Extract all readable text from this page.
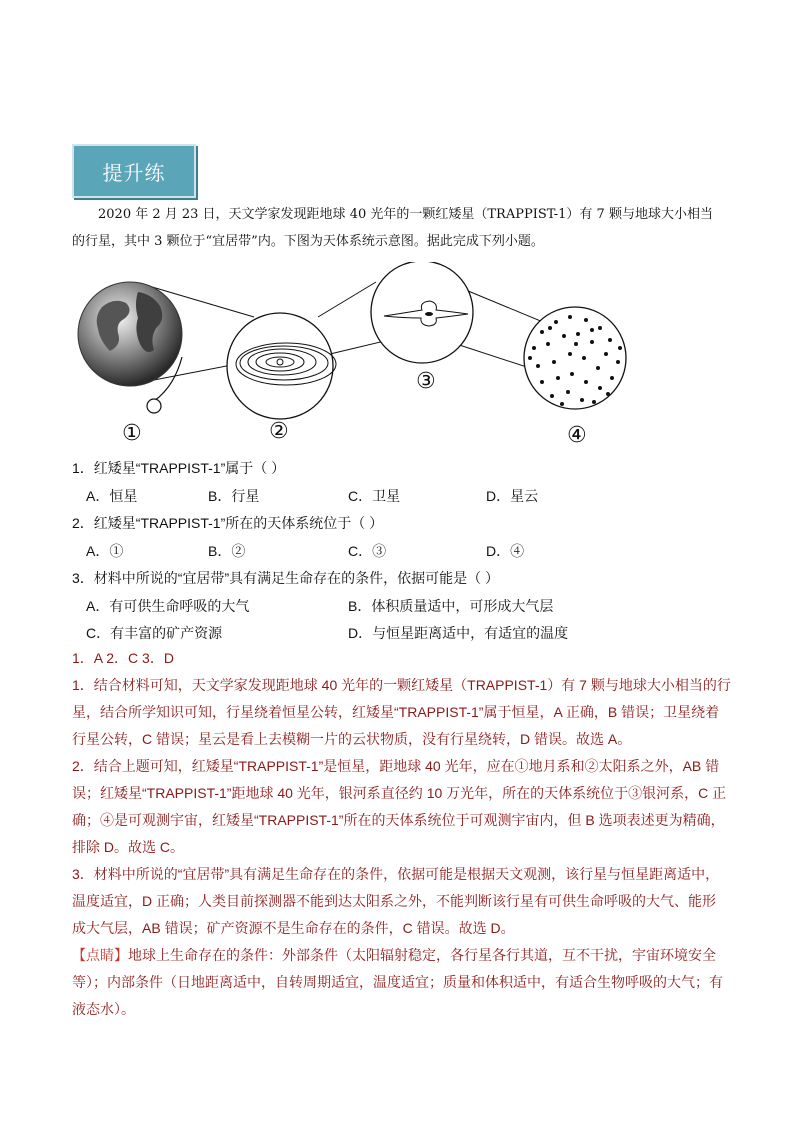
提升练
2020 年 2 月 23 日，天文学家发现距地球 40 光年的一颗红矮星（TRAPPIST-1）有 7 颗与地球大小相当
的行星，其中 3 颗位于“宜居带”内。下图为天体系统示意图。据此完成下列小题。
①	②
③
④
1．红矮星“TRAPPIST-1”属于（ ）
A．恒星	B．行星	C．卫星	D．星云
2．红矮星“TRAPPIST-1”所在的天体系统位于（ ）
A．①	B．②	C．③	D．④
3．材料中所说的“宜居带”具有满足生命存在的条件，依据可能是（ ）
A．有可供生命呼吸的大气	B．体积质量适中，可形成大气层
C．有丰富的矿产资源	D．与恒星距离适中，有适宜的温度
1．A 2．C 3．D
1．结合材料可知，天文学家发现距地球 40 光年的一颗红矮星（TRAPPIST-1）有 7 颗与地球大小相当的行
星，结合所学知识可知，行星绕着恒星公转，红矮星“TRAPPIST-1”属于恒星，A 正确，B 错误；卫星绕着
行星公转，C 错误；星云是看上去模糊一片的云状物质，没有行星绕转，D 错误。故选 A。
2．结合上题可知，红矮星“TRAPPIST-1”是恒星，距地球 40 光年，应在①地月系和②太阳系之外，AB 错
误；红矮星“TRAPPIST-1”距地球 40 光年，银河系直径约 10 万光年，所在的天体系统位于③银河系，C 正
确；④是可观测宇宙，红矮星“TRAPPIST-1”所在的天体系统位于可观测宇宙内，但 B 选项表述更为精确，
排除 D。故选 C。
3．材料中所说的“宜居带”具有满足生命存在的条件，依据可能是根据天文观测，该行星与恒星距离适中，
温度适宜，D 正确；人类目前探测器不能到达太阳系之外，不能判断该行星有可供生命呼吸的大气、能形
成大气层，AB 错误；矿产资源不是生命存在的条件，C 错误。故选 D。
【点睛】地球上生命存在的条件：外部条件（太阳辐射稳定，各行星各行其道，互不干扰，宇宙环境安全
等）；内部条件（日地距离适中，自转周期适宜，温度适宜；质量和体积适中，有适合生物呼吸的大气；有
液态水）。
